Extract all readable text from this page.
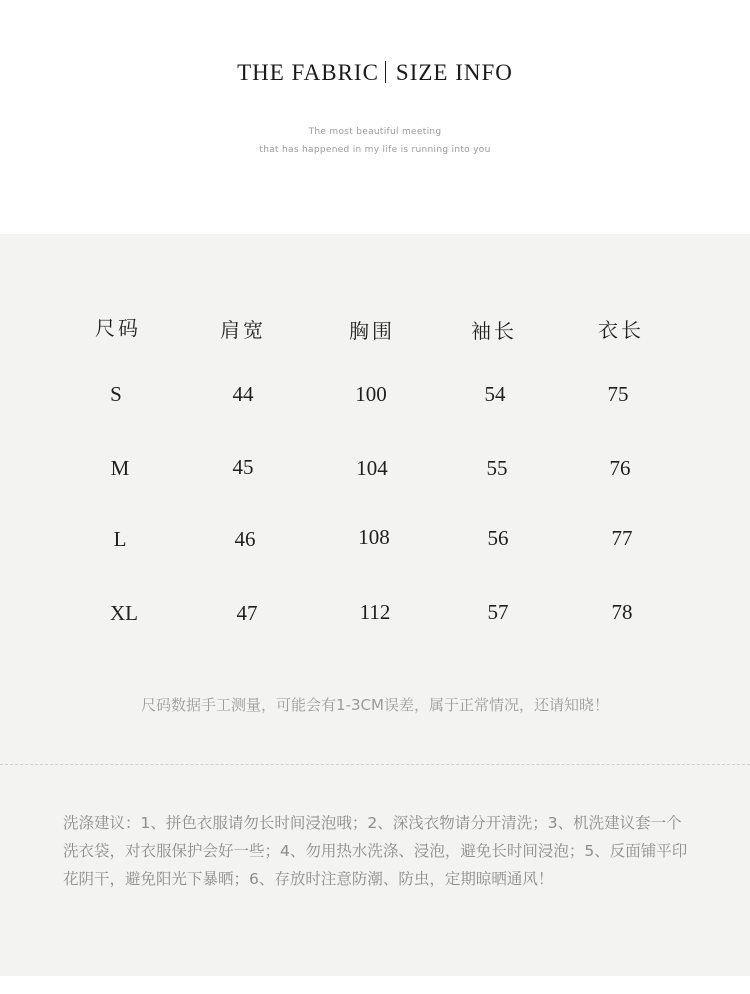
THE FABRIC SIZE INFO
The most beautiful meeting
that has happened in my life is running into you
尺码	肩宽	胸围	袖长	衣长
S	44	100	54	75
M	45	104	55	76
L	46	108	56	77
XL	47	112	57	78
尺码数据手工测量，可能会有1-3CM误差，属于正常情况，还请知晓！
洗涤建议：1、拼色衣服请勿长时间浸泡哦；2、深浅衣物请分开清洗；3、机洗建议套一个洗衣袋，对衣服保护会好一些；4、勿用热水洗涤、浸泡，避免长时间浸泡；5、反面铺平印花阴干，避免阳光下暴晒；6、存放时注意防潮、防虫，定期晾晒通风！
